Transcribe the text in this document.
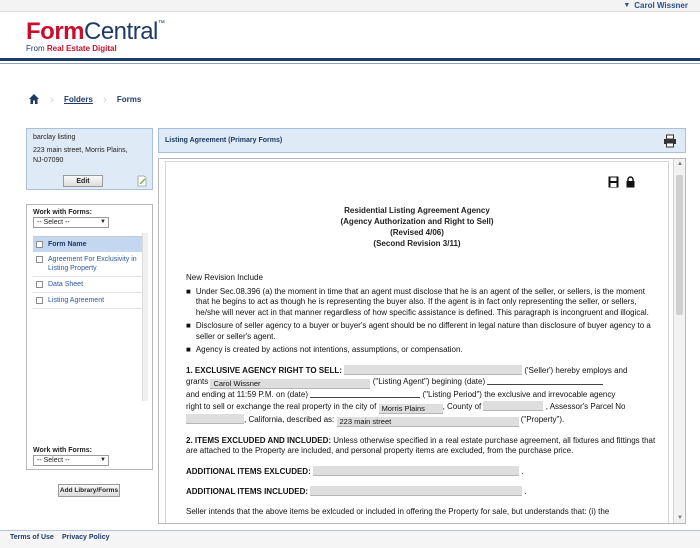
▼ Carol Wissner
FormCentral™
From Real Estate Digital
› Folders › Forms
barclay listing
223 main street, Morris Plains,
NJ-07090
Edit
Work with Forms:
-- Select --	▼
Form Name
Agreement For Exclusivity in Listing Property
Data Sheet
Listing Agreement
Work with Forms:
-- Select --	▼
Add Library/Forms
Listing Agreement (Primary Forms)
Residential Listing Agreement Agency
(Agency Authorization and Right to Sell)
(Revised 4/06)
(Second Revision 3/11)
New Revision Include
■ Under Sec.08.396 (a) the moment in time that an agent must disclose that he is an agent of the seller, or sellers, is the moment that he begins to act as though he is representing the buyer also. If the agent is in fact only representing the seller, or sellers, he/she will never act in that manner regardless of how specific assistance is defined. This paragraph is incongruent and illogical.
■ Disclosure of seller agency to a buyer or buyer's agent should be no different in legal nature than disclosure of buyer agency to a seller or seller's agent.
■ Agency is created by actions not intentions, assumptions, or compensation.
1. EXCLUSIVE AGENCY RIGHT TO SELL:	('Seller') hereby employs and
grants Carol Wissner	("Listing Agent") begining (date)
and ending at 11:59 P.M. on (date)	("Listing Period") the exclusive and irrevocable agency
right to sell or exchange the real property in the city of Morris Plains , County of	, Assessor's Parcel No
, California, described as: 223 main street	("Property").
2. ITEMS EXCLUDED AND INCLUDED: Unless otherwise specified in a real estate purchase agreement, all fixtures and fittings that are attached to the Property are included, and personal property items are excluded, from the purchase price.
ADDITIONAL ITEMS EXLCUDED:	.
ADDITIONAL ITEMS INCLUDED:	.
Seller intends that the above items be exlcuded or included in offering the Property for sale, but understands that: (i) the
▲
▼
Terms of Use Privacy Policy
